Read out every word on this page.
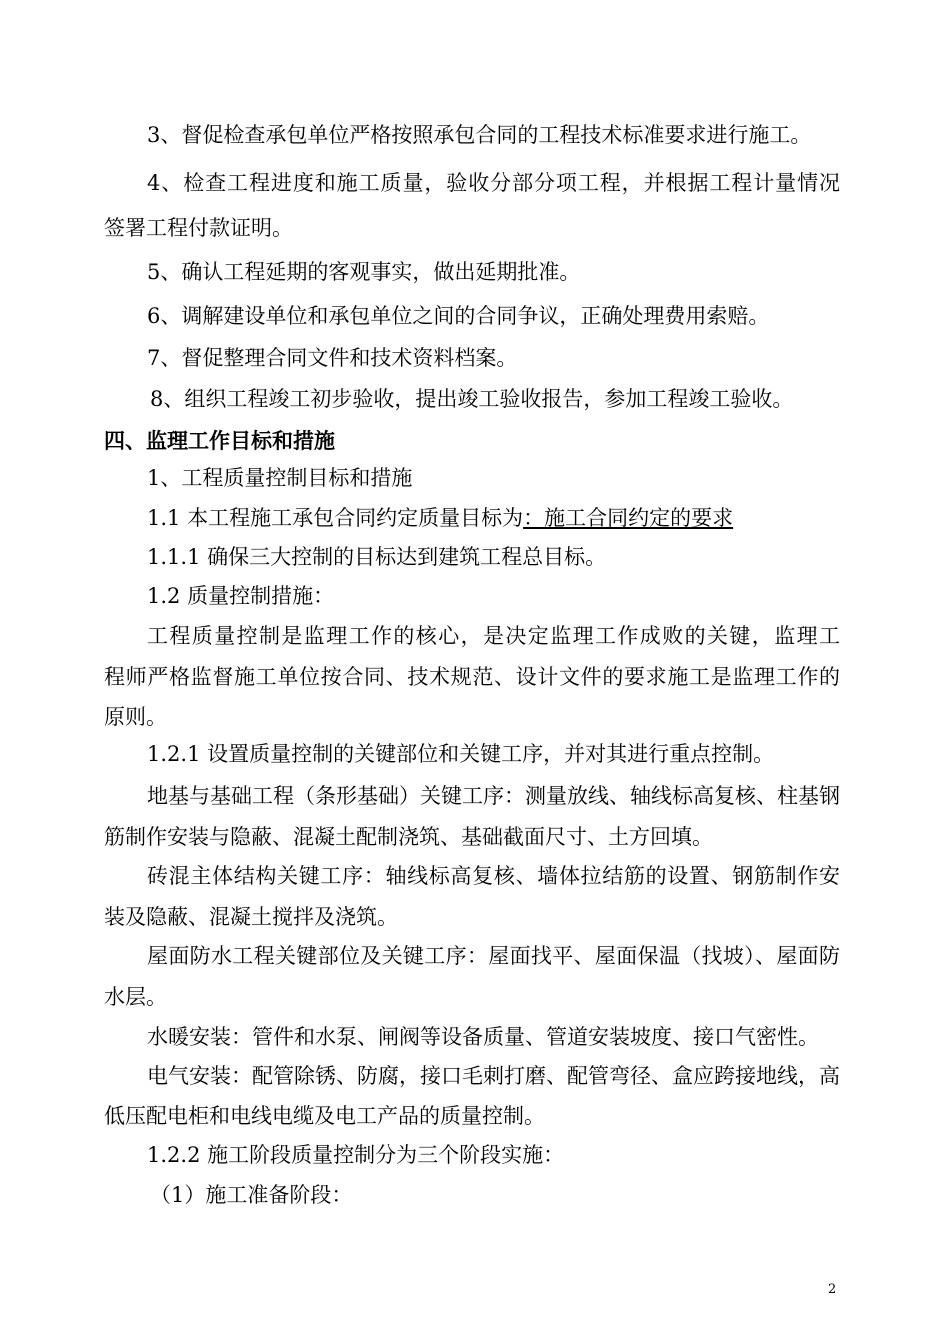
3、督促检查承包单位严格按照承包合同的工程技术标准要求进行施工。
4、检查工程进度和施工质量，验收分部分项工程，并根据工程计量情况
签署工程付款证明。
5、确认工程延期的客观事实，做出延期批准。
6、调解建设单位和承包单位之间的合同争议，正确处理费用索赔。
7、督促整理合同文件和技术资料档案。
8、组织工程竣工初步验收，提出竣工验收报告，参加工程竣工验收。
四、监理工作目标和措施
1、工程质量控制目标和措施
1.1 本工程施工承包合同约定质量目标为：施工合同约定的要求
1.1.1 确保三大控制的目标达到建筑工程总目标。
1.2 质量控制措施：
工程质量控制是监理工作的核心，是决定监理工作成败的关键，监理工
程师严格监督施工单位按合同、技术规范、设计文件的要求施工是监理工作的
原则。
1.2.1 设置质量控制的关键部位和关键工序，并对其进行重点控制。
地基与基础工程（条形基础）关键工序：测量放线、轴线标高复核、柱基钢
筋制作安装与隐蔽、混凝土配制浇筑、基础截面尺寸、土方回填。
砖混主体结构关键工序：轴线标高复核、墙体拉结筋的设置、钢筋制作安
装及隐蔽、混凝土搅拌及浇筑。
屋面防水工程关键部位及关键工序：屋面找平、屋面保温（找坡）、屋面防
水层。
水暖安装：管件和水泵、闸阀等设备质量、管道安装坡度、接口气密性。
电气安装：配管除锈、防腐，接口毛刺打磨、配管弯径、盒应跨接地线，高
低压配电柜和电线电缆及电工产品的质量控制。
1.2.2 施工阶段质量控制分为三个阶段实施：
（1）施工准备阶段：
2
